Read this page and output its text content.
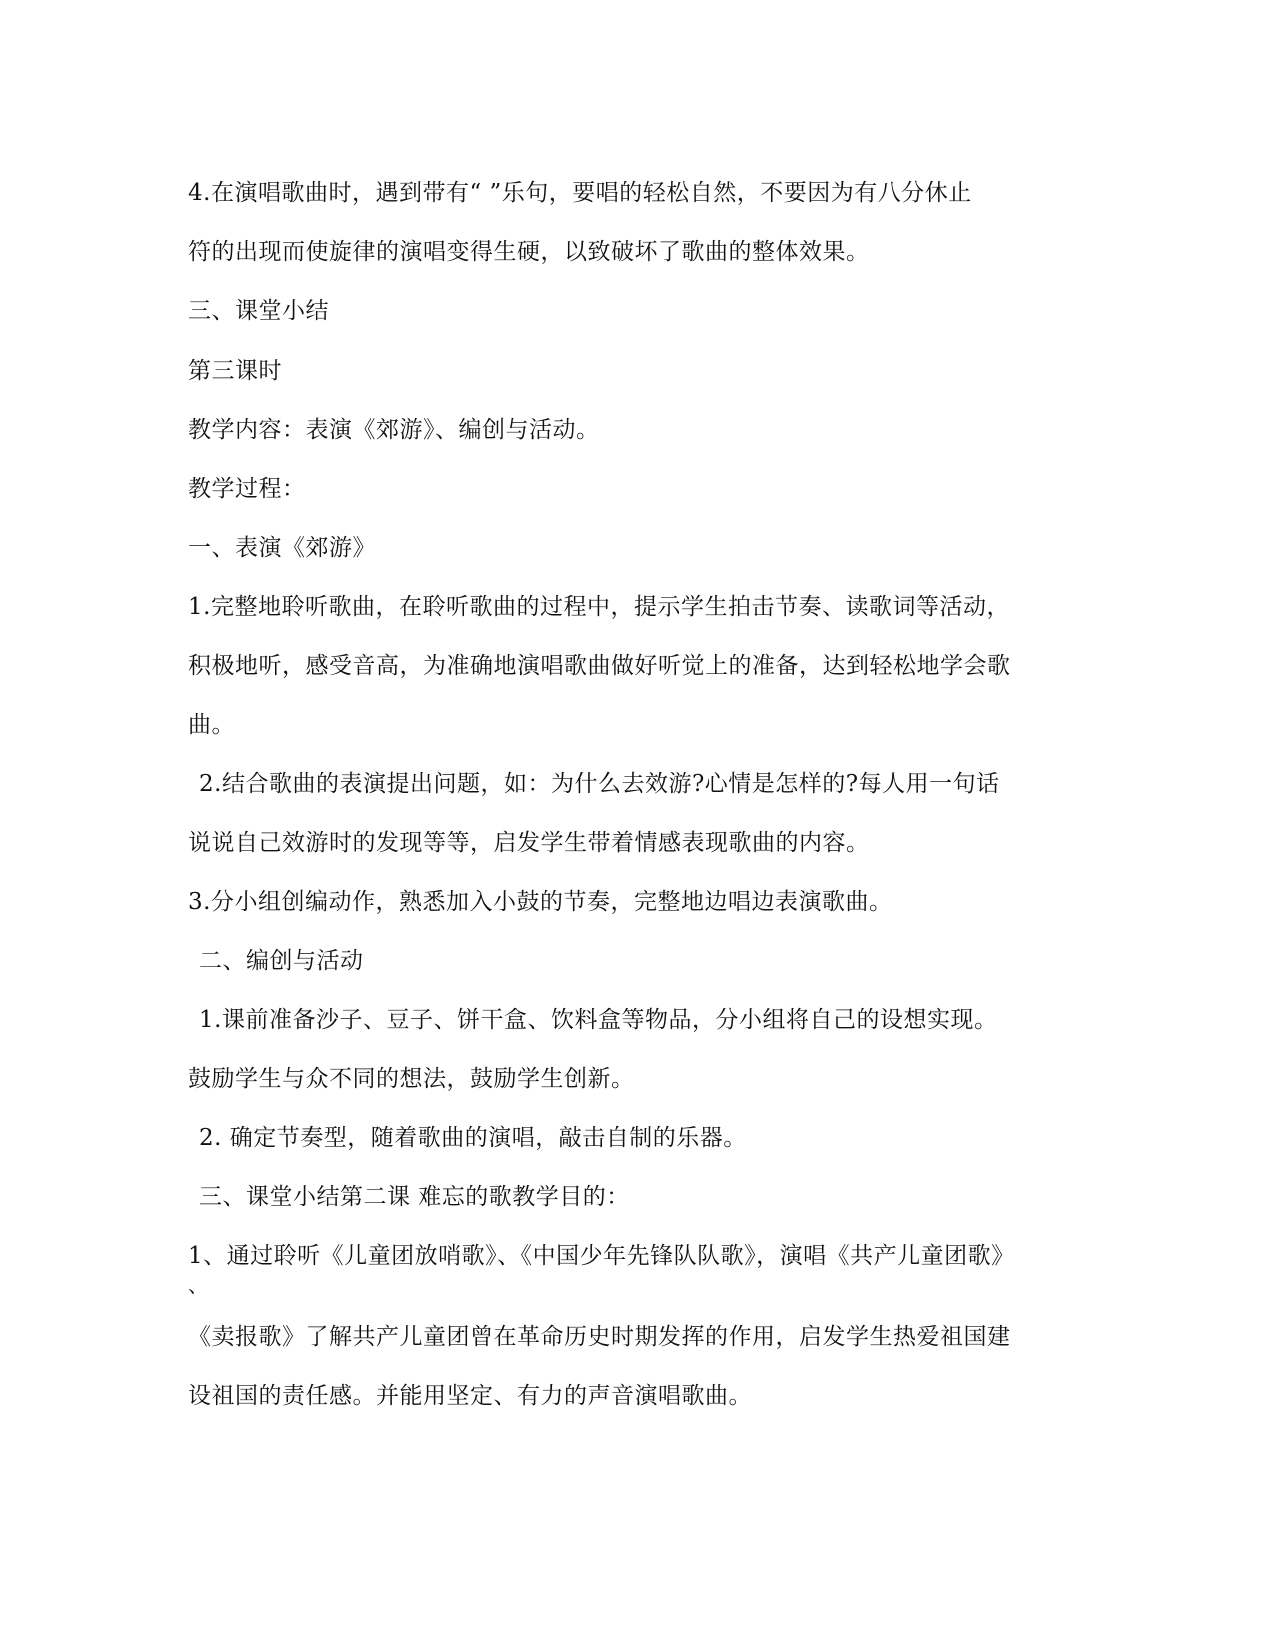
4.在演唱歌曲时，遇到带有“ ”乐句，要唱的轻松自然，不要因为有八分休止
符的出现而使旋律的演唱变得生硬，以致破坏了歌曲的整体效果。
三、课堂小结
第三课时
教学内容：表演《郊游》、编创与活动。
教学过程：
一、表演《郊游》
1.完整地聆听歌曲，在聆听歌曲的过程中，提示学生拍击节奏、读歌词等活动，
积极地听，感受音高，为准确地演唱歌曲做好听觉上的准备，达到轻松地学会歌
曲。
2.结合歌曲的表演提出问题，如：为什么去效游?心情是怎样的?每人用一句话
说说自己效游时的发现等等，启发学生带着情感表现歌曲的内容。
3.分小组创编动作，熟悉加入小鼓的节奏，完整地边唱边表演歌曲。
二、编创与活动
1.课前准备沙子、豆子、饼干盒、饮料盒等物品，分小组将自己的设想实现。
鼓励学生与众不同的想法，鼓励学生创新。
2. 确定节奏型，随着歌曲的演唱，敲击自制的乐器。
三、课堂小结第二课 难忘的歌教学目的：
1、通过聆听《儿童团放哨歌》、《中国少年先锋队队歌》，演唱《共产儿童团歌》
、
《卖报歌》了解共产儿童团曾在革命历史时期发挥的作用，启发学生热爱祖国建
设祖国的责任感。并能用坚定、有力的声音演唱歌曲。
